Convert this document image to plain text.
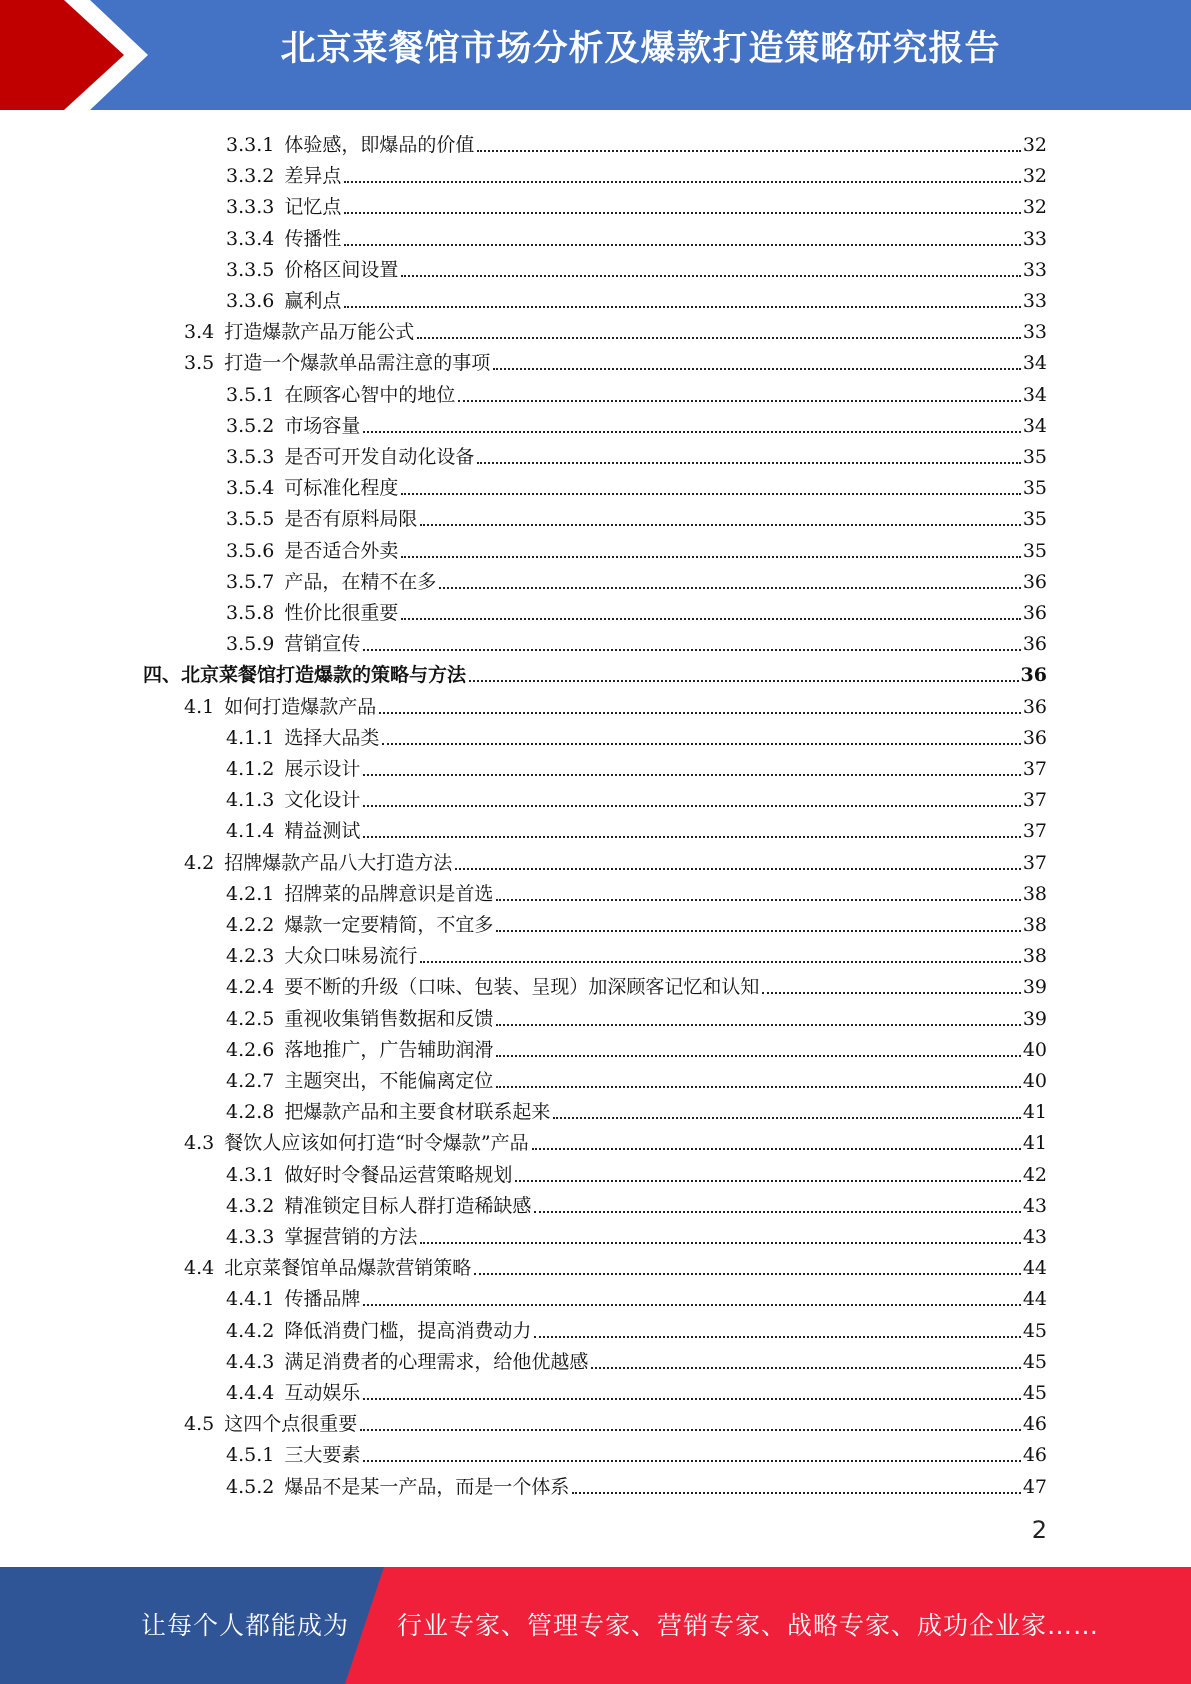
北京菜餐馆市场分析及爆款打造策略研究报告
3.3.1 体验感，即爆品的价值	32
3.3.2 差异点	32
3.3.3 记忆点	32
3.3.4 传播性	33
3.3.5 价格区间设置	33
3.3.6 赢利点	33
3.4 打造爆款产品万能公式	33
3.5 打造一个爆款单品需注意的事项	34
3.5.1 在顾客心智中的地位	34
3.5.2 市场容量	34
3.5.3 是否可开发自动化设备	35
3.5.4 可标准化程度	35
3.5.5 是否有原料局限	35
3.5.6 是否适合外卖	35
3.5.7 产品，在精不在多	36
3.5.8 性价比很重要	36
3.5.9 营销宣传	36
四、北京菜餐馆打造爆款的策略与方法	36
4.1 如何打造爆款产品	36
4.1.1 选择大品类	36
4.1.2 展示设计	37
4.1.3 文化设计	37
4.1.4 精益测试	37
4.2 招牌爆款产品八大打造方法	37
4.2.1 招牌菜的品牌意识是首选	38
4.2.2 爆款一定要精简，不宜多	38
4.2.3 大众口味易流行	38
4.2.4 要不断的升级（口味、包装、呈现）加深顾客记忆和认知	39
4.2.5 重视收集销售数据和反馈	39
4.2.6 落地推广，广告辅助润滑	40
4.2.7 主题突出，不能偏离定位	40
4.2.8 把爆款产品和主要食材联系起来	41
4.3 餐饮人应该如何打造“时令爆款”产品	41
4.3.1 做好时令餐品运营策略规划	42
4.3.2 精准锁定目标人群打造稀缺感	43
4.3.3 掌握营销的方法	43
4.4 北京菜餐馆单品爆款营销策略	44
4.4.1 传播品牌	44
4.4.2 降低消费门槛，提高消费动力	45
4.4.3 满足消费者的心理需求，给他优越感	45
4.4.4 互动娱乐	45
4.5 这四个点很重要	46
4.5.1 三大要素	46
4.5.2 爆品不是某一产品，而是一个体系	47
2
让每个人都能成为 行业专家、管理专家、营销专家、战略专家、成功企业家……
